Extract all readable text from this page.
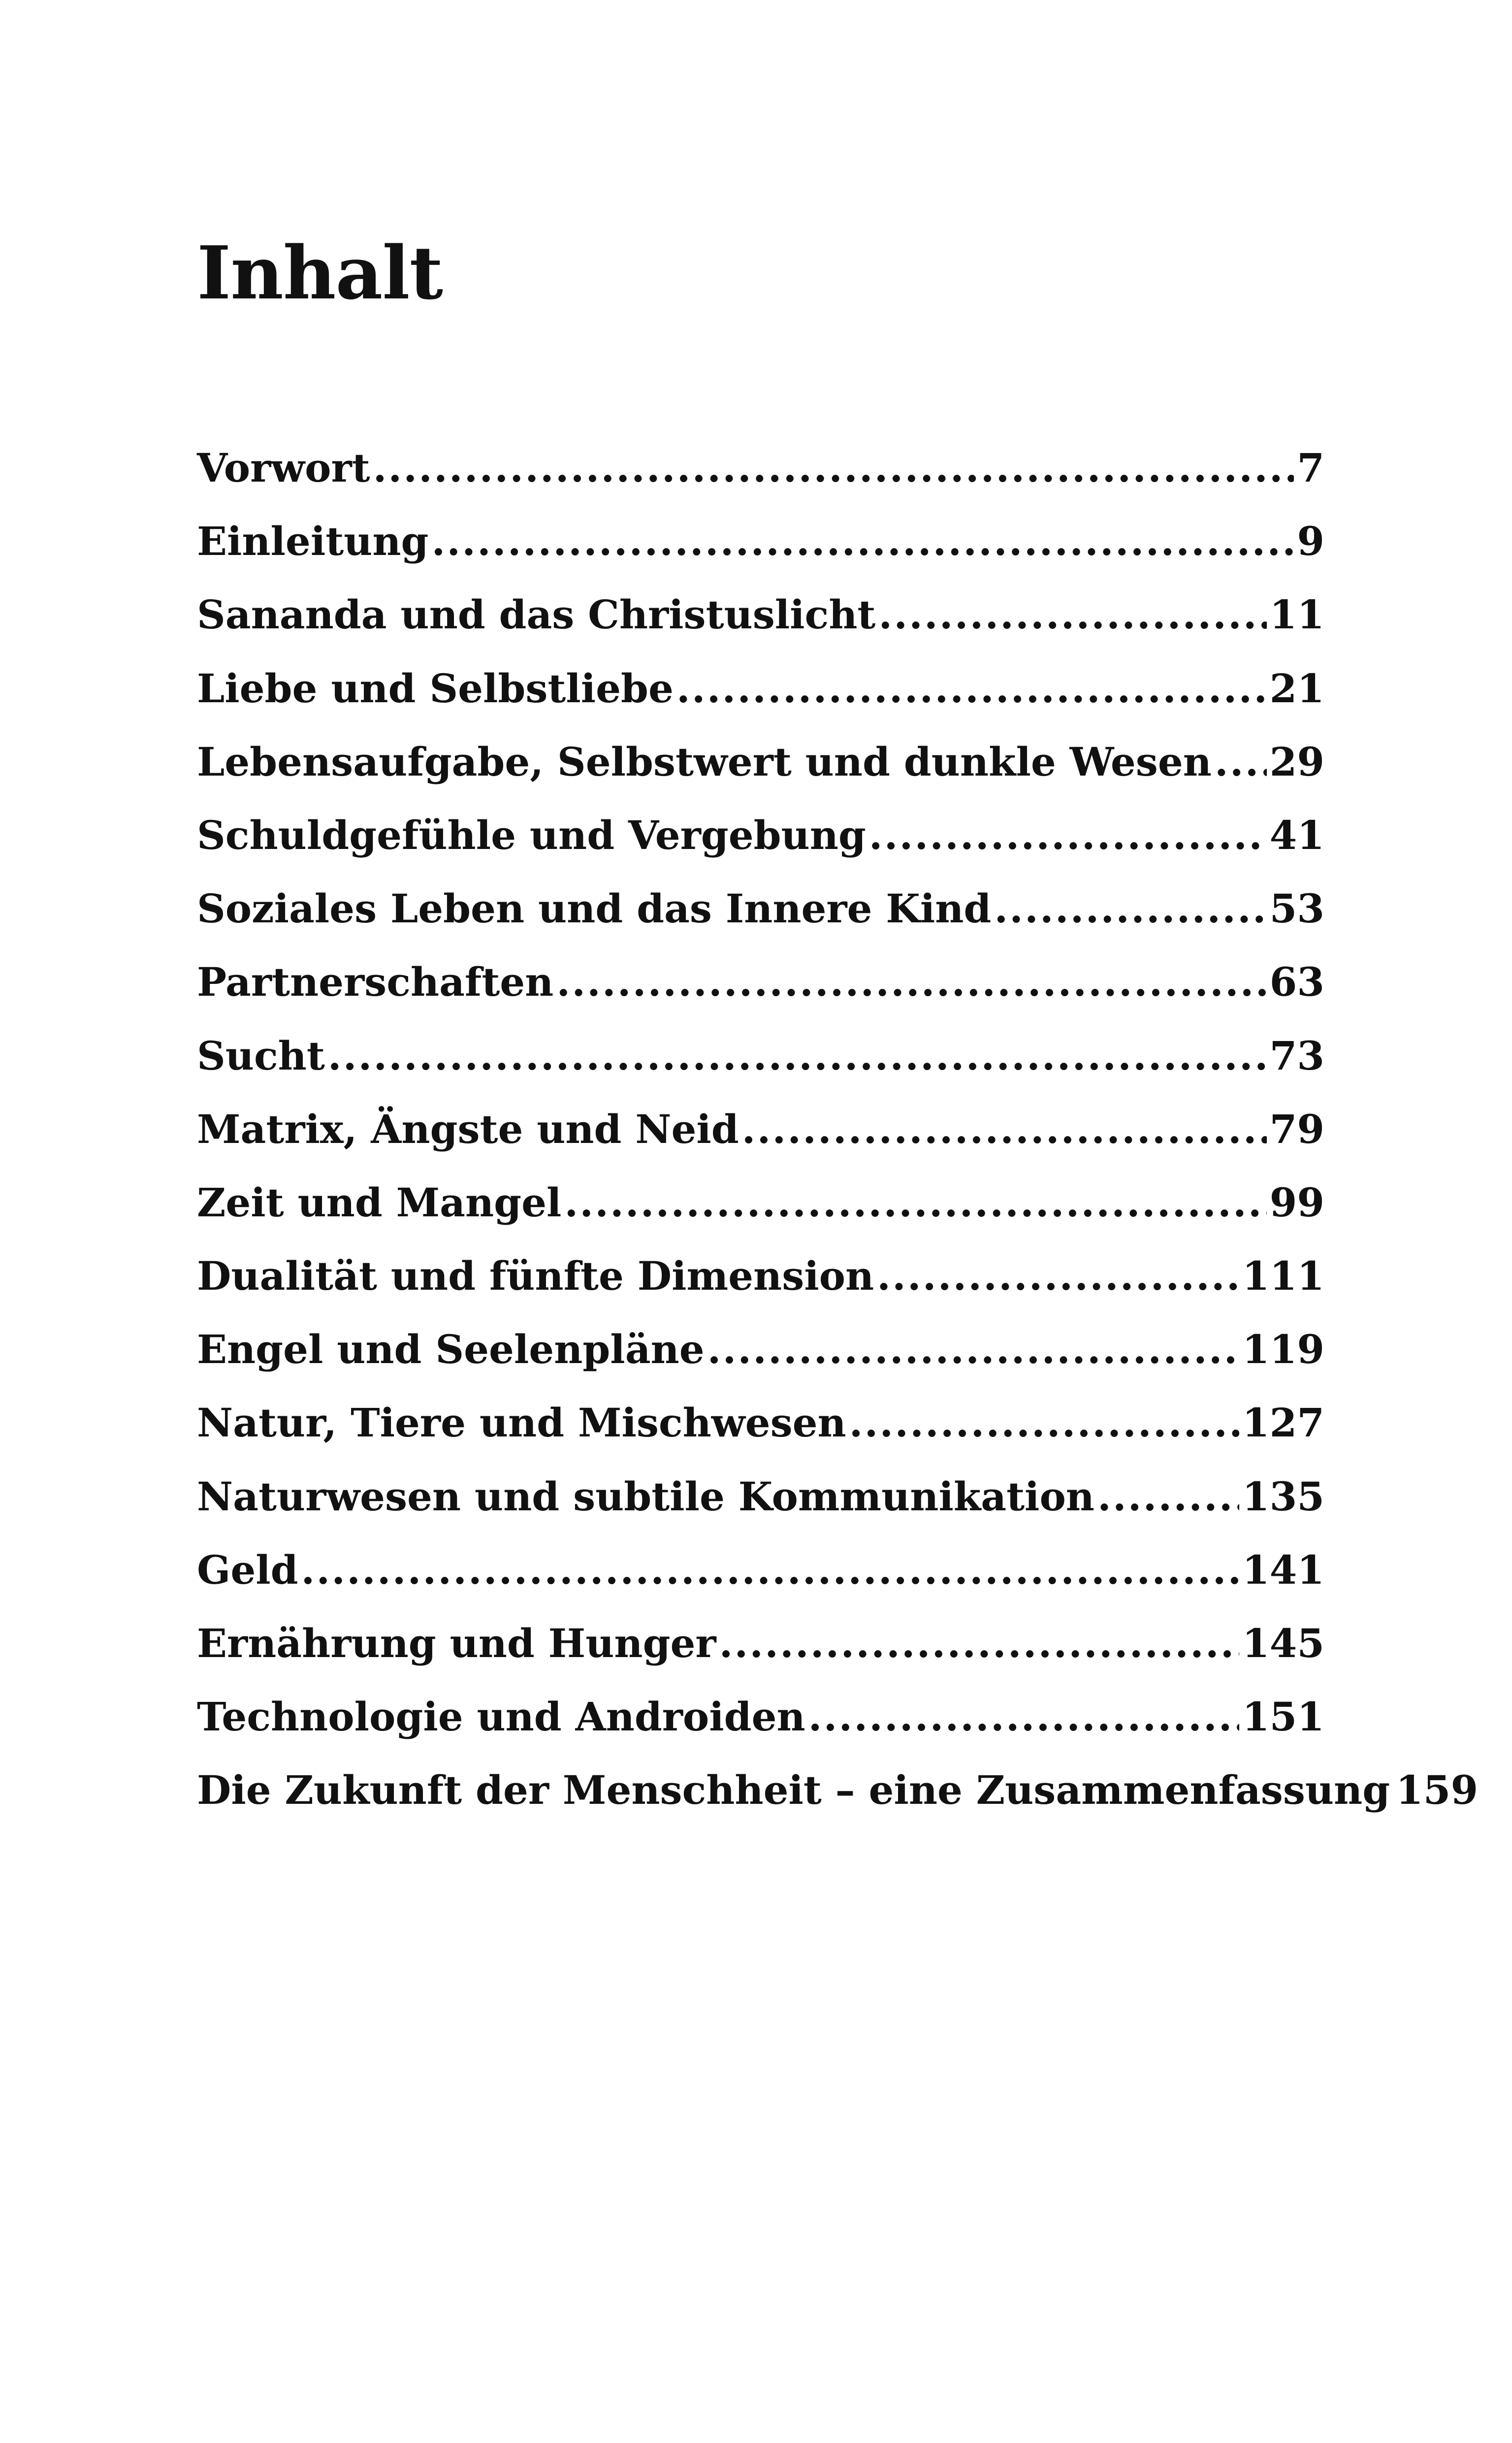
Inhalt
Vorwort .....	7
Einleitung .....	9
Sananda und das Christuslicht .....	11
Liebe und Selbstliebe .....	21
Lebensaufgabe, Selbstwert und dunkle Wesen ..... 29
Schuldgefühle und Vergebung .....	41
Soziales Leben und das Innere Kind .....	53
Partnerschaften .....	63
Sucht .....	73
Matrix, Ängste und Neid .....	79
Zeit und Mangel .....	99
Dualität und fünfte Dimension .....	111
Engel und Seelenpläne .....	119
Natur, Tiere und Mischwesen .....	127
Naturwesen und subtile Kommunikation .....	135
Geld .....	141
Ernährung und Hunger .....	145
Technologie und Androiden .....	151
Die Zukunft der Menschheit – eine Zusammenfassung 159
